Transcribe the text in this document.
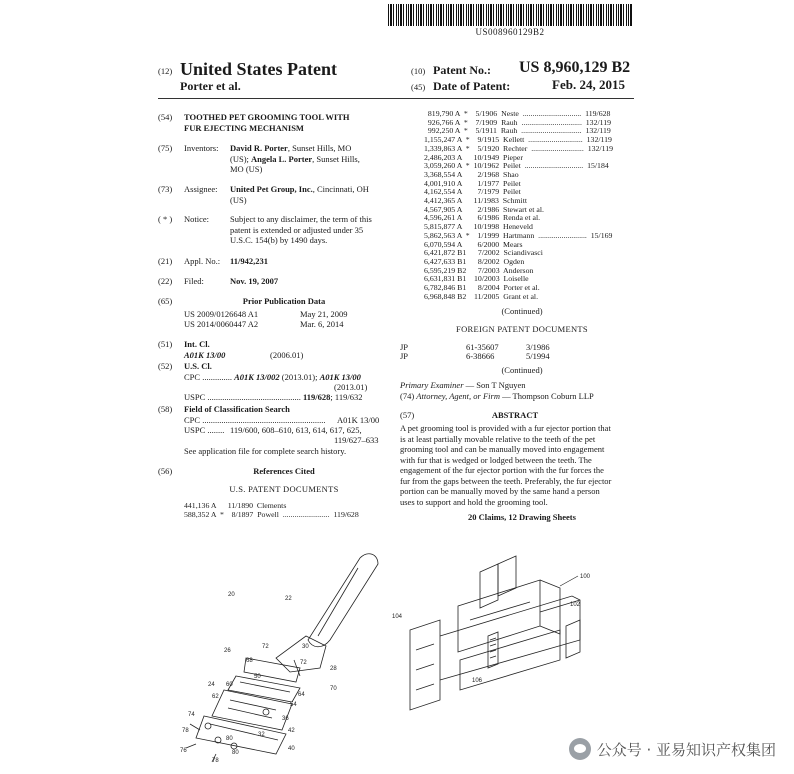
US008960129B2
(12) United States Patent
Porter et al.
(10) Patent No.: US 8,960,129 B2
(45) Date of Patent:	Feb. 24, 2015
(54) TOOTHED PET GROOMING TOOL WITH
FUR EJECTING MECHANISM
(75) Inventors: David R. Porter, Sunset Hills, MO
(US); Angela L. Porter, Sunset Hills,
MO (US)
(73) Assignee: United Pet Group, Inc., Cincinnati, OH
(US)
( * ) Notice: Subject to any disclaimer, the term of this
patent is extended or adjusted under 35
U.S.C. 154(b) by 1490 days.
(21) Appl. No.: 11/942,231
(22) Filed:	Nov. 19, 2007
(65)	Prior Publication Data
US 2009/0126648 A1	May 21, 2009
US 2014/0060447 A2	Mar. 6, 2014
(51) Int. Cl.
A01K 13/00	(2006.01)
(52) U.S. Cl.
CPC .............. A01K 13/002 (2013.01); A01K 13/00
(2013.01)
USPC ............................................ 119/628; 119/632
(58) Field of Classification Search
CPC .......................................................... A01K 13/00
USPC ........ 119/600, 608–610, 613, 614, 617, 625,
119/627–633
See application file for complete search history.
(56)	References Cited
U.S. PATENT DOCUMENTS
441,136 A      11/1890  Clements
588,352 A  *    8/1897  Powell  ........................  119/628
819,790 A  *    5/1906  Neste  ..............................  119/628
926,766 A  *    7/1909  Rauh  ...............................  132/119
992,250 A  *    5/1911  Rauh  ...............................  132/119
1,155,247 A  *    9/1915  Kellett  ............................  132/119
1,339,863 A  *    5/1920  Rechter  ...........................  132/119
2,486,203 A      10/1949  Pieper
3,059,260 A  *  10/1962  Peilet  ..............................  15/184
3,368,554 A        2/1968  Shao
4,001,910 A        1/1977  Peilet
4,162,554 A        7/1979  Peilet
4,412,365 A      11/1983  Schmitt
4,567,905 A        2/1986  Stewart et al.
4,596,261 A        6/1986  Renda et al.
5,815,877 A      10/1998  Heneveld
5,862,563 A  *    1/1999  Hartmann  .........................  15/169
6,070,594 A        6/2000  Mears
6,421,872 B1      7/2002  Sciandivasci
6,427,633 B1      8/2002  Ogden
6,595,219 B2      7/2003  Anderson
6,631,831 B1    10/2003  Loiselle
6,782,846 B1      8/2004  Porter et al.
6,968,848 B2    11/2005  Grant et al.
(Continued)
FOREIGN PATENT DOCUMENTS
JP	61-35607	3/1986
JP	6-38666	5/1994
(Continued)
Primary Examiner — Son T Nguyen
(74) Attorney, Agent, or Firm — Thompson Coburn LLP
(57)	ABSTRACT
A pet grooming tool is provided with a fur ejector portion that
is at least partially movable relative to the teeth of the pet
grooming tool and can be manually moved into engagement
with fur that is wedged or lodged between the teeth. The
engagement of the fur ejector portion with the fur forces the
fur from the gaps between the teeth. Preferably, the fur ejector
portion can be manually moved by the same hand a person
uses to support and hold the grooming tool.
20 Claims, 12 Drawing Sheets
20
22
26
72	30
72
28
68
50
24 60
70
64
54
62
74
36
42
78
80
32
40
76
78
80
100
104
102
106
公众号 · 亚易知识产权集团
